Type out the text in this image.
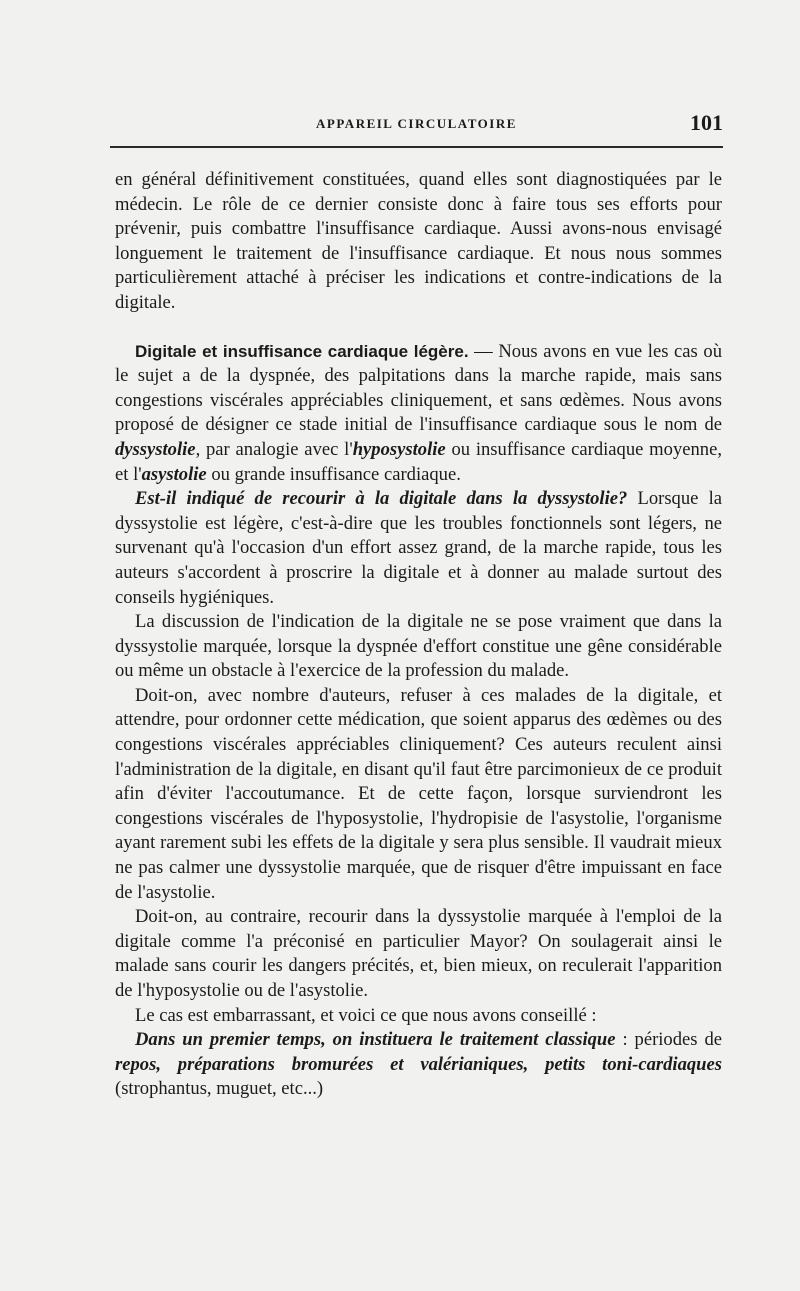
APPAREIL CIRCULATOIRE	101

en général définitivement constituées, quand elles sont diagnostiquées par le médecin. Le rôle de ce dernier consiste donc à faire tous ses efforts pour prévenir, puis combattre l'insuffisance cardiaque. Aussi avons-nous envisagé longuement le traitement de l'insuffisance cardiaque. Et nous nous sommes particulièrement attaché à préciser les indications et contre-indications de la digitale.

Digitale et insuffisance cardiaque légère. — Nous avons en vue les cas où le sujet a de la dyspnée, des palpitations dans la marche rapide, mais sans congestions viscérales appréciables cliniquement, et sans œdèmes. Nous avons proposé de désigner ce stade initial de l'insuffisance cardiaque sous le nom de dyssystolie, par analogie avec l'hyposystolie ou insuffisance cardiaque moyenne, et l'asystolie ou grande insuffisance cardiaque.

Est-il indiqué de recourir à la digitale dans la dyssystolie? Lorsque la dyssystolie est légère, c'est-à-dire que les troubles fonctionnels sont légers, ne survenant qu'à l'occasion d'un effort assez grand, de la marche rapide, tous les auteurs s'accordent à proscrire la digitale et à donner au malade surtout des conseils hygiéniques.

La discussion de l'indication de la digitale ne se pose vraiment que dans la dyssystolie marquée, lorsque la dyspnée d'effort constitue une gêne considérable ou même un obstacle à l'exercice de la profession du malade.

Doit-on, avec nombre d'auteurs, refuser à ces malades de la digitale, et attendre, pour ordonner cette médication, que soient apparus des œdèmes ou des congestions viscérales appréciables cliniquement? Ces auteurs reculent ainsi l'administration de la digitale, en disant qu'il faut être parcimonieux de ce produit afin d'éviter l'accoutumance. Et de cette façon, lorsque surviendront les congestions viscérales de l'hyposystolie, l'hydropisie de l'asystolie, l'organisme ayant rarement subi les effets de la digitale y sera plus sensible. Il vaudrait mieux ne pas calmer une dyssystolie marquée, que de risquer d'être impuissant en face de l'asystolie.

Doit-on, au contraire, recourir dans la dyssystolie marquée à l'emploi de la digitale comme l'a préconisé en particulier Mayor? On soulagerait ainsi le malade sans courir les dangers précités, et, bien mieux, on reculerait l'apparition de l'hyposystolie ou de l'asystolie.

Le cas est embarrassant, et voici ce que nous avons conseillé :

Dans un premier temps, on instituera le traitement classique : périodes de repos, préparations bromurées et valérianiques, petits toni-cardiaques (strophantus, muguet, etc...)
